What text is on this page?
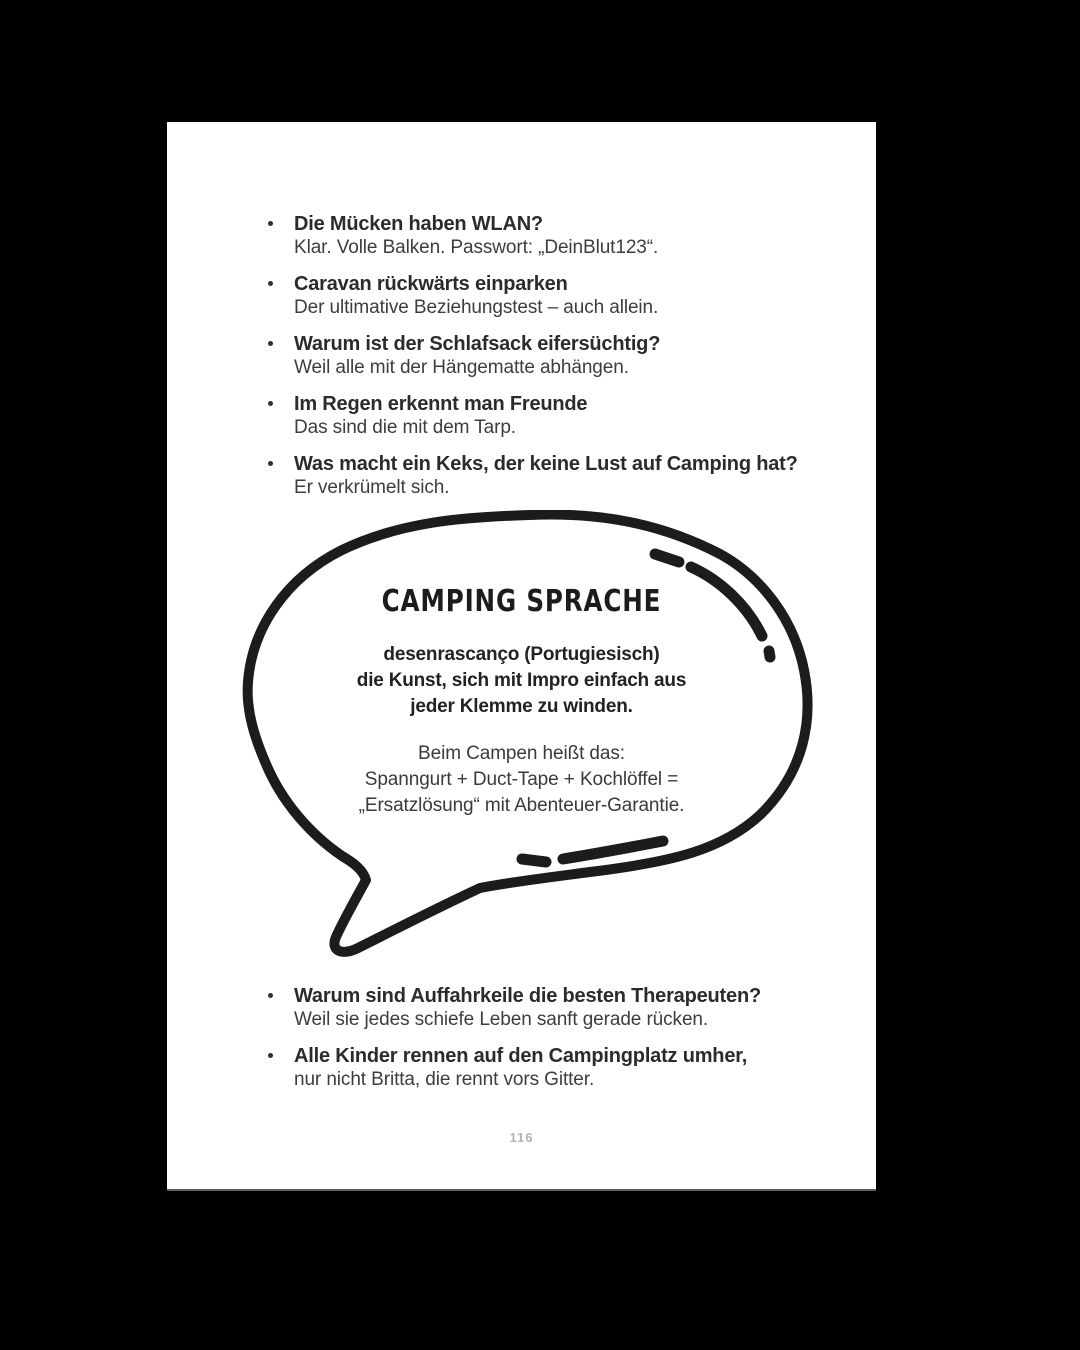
Die Mücken haben WLAN?
Klar. Volle Balken. Passwort: „DeinBlut123“.
Caravan rückwärts einparken
Der ultimative Beziehungstest – auch allein.
Warum ist der Schlafsack eifersüchtig?
Weil alle mit der Hängematte abhängen.
Im Regen erkennt man Freunde
Das sind die mit dem Tarp.
Was macht ein Keks, der keine Lust auf Camping hat?
Er verkrümelt sich.
CAMPING SPRACHE
desenrascanço (Portugiesisch)
die Kunst, sich mit Impro einfach aus
jeder Klemme zu winden.
Beim Campen heißt das:
Spanngurt + Duct-Tape + Kochlöffel =
„Ersatzlösung“ mit Abenteuer-Garantie.
Warum sind Auffahrkeile die besten Therapeuten?
Weil sie jedes schiefe Leben sanft gerade rücken.
Alle Kinder rennen auf den Campingplatz umher,
nur nicht Britta, die rennt vors Gitter.
116
